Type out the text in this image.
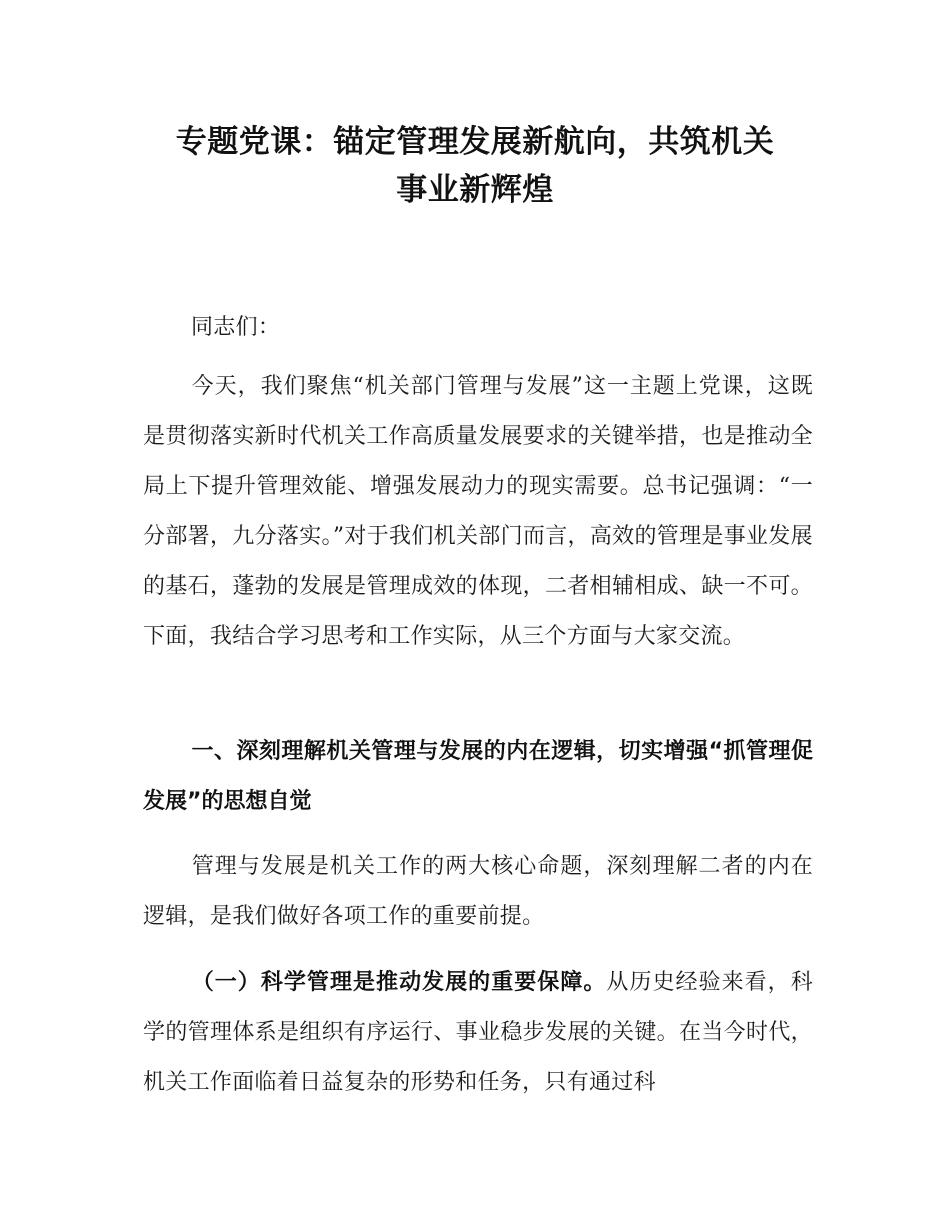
专题党课：锚定管理发展新航向，共筑机关
事业新辉煌
同志们：
今天，我们聚焦“机关部门管理与发展”这一主题上党课，这既是贯彻落实新时代机关工作高质量发展要求的关键举措，也是推动全局上下提升管理效能、增强发展动力的现实需要。总书记强调：“一分部署，九分落实。”对于我们机关部门而言，高效的管理是事业发展的基石，蓬勃的发展是管理成效的体现，二者相辅相成、缺一不可。下面，我结合学习思考和工作实际，从三个方面与大家交流。
一、深刻理解机关管理与发展的内在逻辑，切实增强“抓管理促发展”的思想自觉
管理与发展是机关工作的两大核心命题，深刻理解二者的内在逻辑，是我们做好各项工作的重要前提。
（一）科学管理是推动发展的重要保障。从历史经验来看，科学的管理体系是组织有序运行、事业稳步发展的关键。在当今时代，机关工作面临着日益复杂的形势和任务，只有通过科
